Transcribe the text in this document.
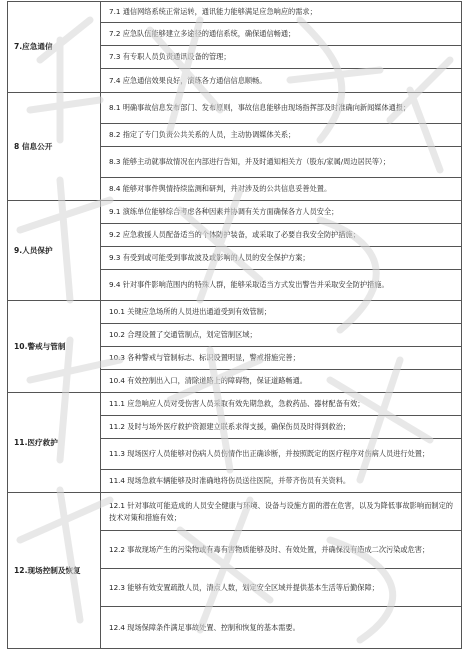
7.应急通信	7.1 通信网络系统正常运转，通讯能力能够满足应急响应的需求；
	7.2 应急队伍能够建立多途径的通信系统，确保通信畅通；
	7.3 有专职人员负责通讯设备的管理；
	7.4 应急通信效果良好，演练各方通信信息顺畅。
8 信息公开	8.1 明确事故信息发布部门、发布原则，事故信息能够由现场指挥部及时准确向新闻媒体通报；
	8.2 指定了专门负责公共关系的人员，主动协调媒体关系；
	8.3 能够主动就事故情况在内部进行告知，并及时通知相关方（股东/家属/周边居民等）；
	8.4 能够对事件舆情持续监测和研判，并对涉及的公共信息妥善处置。
9.人员保护	9.1 演练单位能够综合考虑各种因素并协调有关方面确保各方人员安全；
	9.2 应急救援人员配备适当的个体防护装备，或采取了必要自我安全防护措施；
	9.3 有受到或可能受到事故波及或影响的人员的安全保护方案；
	9.4 针对事件影响范围内的特殊人群，能够采取适当方式发出警告并采取安全防护措施。
10.警戒与管制	10.1 关键应急场所的人员进出通道受到有效管制；
	10.2 合理设置了交通管制点，划定管制区域；
	10.3 各种警戒与管制标志、标识设置明显，警戒措施完善；
	10.4 有效控制出入口，清除道路上的障碍物，保证道路畅通。
11.医疗救护	11.1 应急响应人员对受伤害人员采取有效先期急救，急救药品、器材配备有效；
	11.2 及时与场外医疗救护资源建立联系求得支援，确保伤员及时得到救治；
	11.3 现场医疗人员能够对伤病人员伤情作出正确诊断，并按照既定的医疗程序对伤病人员进行处置；
	11.4 现场急救车辆能够及时准确地将伤员送往医院，并带齐伤员有关资料。
12.现场控制及恢复	12.1 针对事故可能造成的人员安全健康与环境、设备与设施方面的潜在危害，以及为降低事故影响而制定的技术对策和措施有效；
	12.2 事故现场产生的污染物或有毒有害物质能够及时、有效处置，并确保没有造成二次污染或危害；
	12.3 能够有效安置疏散人员，清点人数，划定安全区域并提供基本生活等后勤保障；
	12.4 现场保障条件满足事故处置、控制和恢复的基本需要。
